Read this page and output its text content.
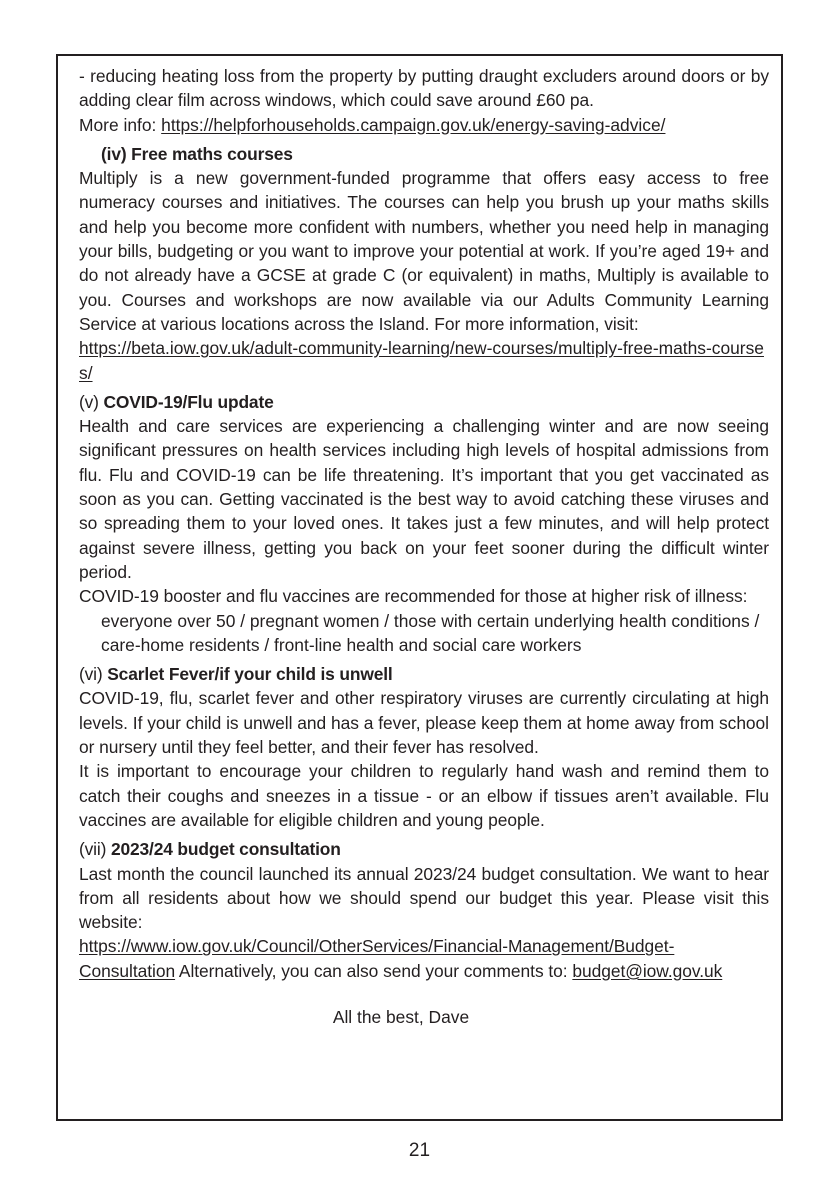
- reducing heating loss from the property by putting draught excluders around doors or by adding clear film across windows, which could save around £60 pa.

More info: https://helpforhouseholds.campaign.gov.uk/energy-saving-advice/

(iv) Free maths courses

Multiply is a new government-funded programme that offers easy access to free numeracy courses and initiatives. The courses can help you brush up your maths skills and help you become more confident with numbers, whether you need help in managing your bills, budgeting or you want to improve your potential at work. If you’re aged 19+ and do not already have a GCSE at grade C (or equivalent) in maths, Multiply is available to you. Courses and workshops are now available via our Adults Community Learning Service at various locations across the Island. For more information, visit:

https://beta.iow.gov.uk/adult-community-learning/new-courses/multiply-free-maths-courses/

(v) COVID-19/Flu update

Health and care services are experiencing a challenging winter and are now seeing significant pressures on health services including high levels of hospital admissions from flu. Flu and COVID-19 can be life threatening. It’s important that you get vaccinated as soon as you can. Getting vaccinated is the best way to avoid catching these viruses and so spreading them to your loved ones. It takes just a few minutes, and will help protect against severe illness, getting you back on your feet sooner during the difficult winter period.

COVID-19 booster and flu vaccines are recommended for those at higher risk of illness:

everyone over 50 / pregnant women / those with certain underlying health conditions / care-home residents / front-line health and social care workers

(vi) Scarlet Fever/if your child is unwell

COVID-19, flu, scarlet fever and other respiratory viruses are currently circulating at high levels. If your child is unwell and has a fever, please keep them at home away from school or nursery until they feel better, and their fever has resolved.

It is important to encourage your children to regularly hand wash and remind them to catch their coughs and sneezes in a tissue - or an elbow if tissues aren’t available. Flu vaccines are available for eligible children and young people.

(vii) 2023/24 budget consultation

Last month the council launched its annual 2023/24 budget consultation. We want to hear from all residents about how we should spend our budget this year. Please visit this website:

https://www.iow.gov.uk/Council/OtherServices/Financial-Management/Budget-Consultation Alternatively, you can also send your comments to: budget@iow.gov.uk

All the best, Dave

21
